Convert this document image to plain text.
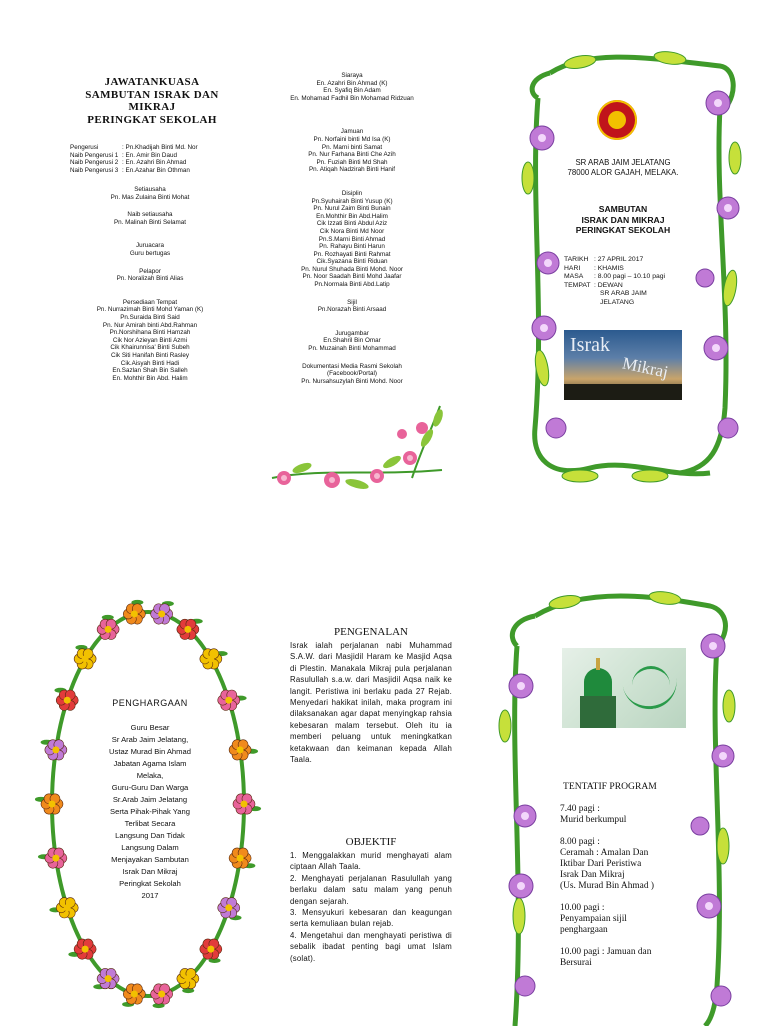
JAWATANKUASA
SAMBUTAN ISRAK DAN
MIKRAJ
PERINGKAT SEKOLAH
Pengerusi	: Pn.Khadijah Binti Md. Nor
Naib Pengerusi 1 : En. Amir Bin Daud
Naib Pengerusi 2 : En. Azahri Bin Ahmad
Naib Pengerusi 3 : En.Azahar Bin Othman
Setiausaha
Pn. Mas Zulaina Binti Mohat
Naib setiausaha
Pn. Malinah Binti Selamat
Juruacara
Guru bertugas
Pelapor
Pn. Noralizah Binti Alias
Persediaan Tempat
Pn. Nurrazimah Binti Mohd Yaman (K)
Pn.Suraida Binti Said
Pn. Nur Amirah binti Abd.Rahman
Pn.Norshihana Binti Hamzah
Cik Nor Azieyan Binti Azmi
Cik Khairunnisa' Binti Subeh
Cik Siti Hanifah Binti Rasley
Cik.Aisyah Binti Hadi
En.Sazlan Shah Bin Salleh
En. Mohthir Bin Abd. Halim
Siaraya
En. Azahri Bin Ahmad (K)
En. Syafiq Bin Adam
En. Mohamad Fadhil Bin Mohamad Ridzuan
Jamuan
Pn. Norfaini binti Md Isa (K)
Pn. Marni binti Samat
Pn. Nur Farhana Binti Che Azih
Pn. Fuziah Binti Md Shah
Pn. Atiqah Nadzirah Binti Hanif
Disiplin
Pn.Syuhairah Binti Yusup (K)
Pn. Nurul Zaim Binti Bunain
En.Mohthir Bin Abd.Halim
Cik Izzati Binti Abdul Aziz
Cik Nora Binti Md Noor
Pn.S.Marni Binti Ahmad
Pn. Rahayu Binti Harun
Pn. Rozhayati Binti Rahmat
Cik.Syazana Binti Riduan
Pn. Nurul Shuhada Binti Mohd. Noor
Pn. Noor Saadah Binti Mohd Jaafar
Pn.Normala Binti Abd.Latip
Sijil
Pn.Norazah Binti Arsaad
Jurugambar
En.Shahril Bin Omar
Pn. Muzainah Binti Mohammad
Dokumentasi Media Rasmi Sekolah
(Facebook/Portal)
Pn. Nursahsuzylah Binti Mohd. Noor
SR ARAB JAIM JELATANG
78000 ALOR GAJAH, MELAKA.
SAMBUTAN
ISRAK DAN MIKRAJ
PERINGKAT SEKOLAH
TARIKH : 27 APRIL 2017
HARI : KHAMIS
MASA : 8.00 pagi – 10.10 pagi
TEMPAT : DEWAN
SR ARAB JAIM
JELATANG
Israk
Mikraj
PENGHARGAAN
Guru Besar
Sr Arab Jaim Jelatang,
Ustaz Murad Bin Ahmad
Jabatan Agama Islam
Melaka,
Guru-Guru Dan Warga
Sr.Arab Jaim Jelatang
Serta Pihak-Pihak Yang
Terlibat Secara
Langsung Dan Tidak
Langsung Dalam
Menjayakan Sambutan
Israk Dan Mikraj
Peringkat Sekolah
2017
PENGENALAN
Israk ialah perjalanan nabi Muhammad S.A.W. dari Masjidil Haram ke Masjid Aqsa di Plestin. Manakala Mikraj pula perjalanan Rasulullah s.a.w. dari Masjidil Aqsa naik ke langit. Peristiwa ini berlaku pada 27 Rejab. Menyedari hakikat inilah, maka program ini dilaksanakan agar dapat menyingkap rahsia kebesaran malam tersebut. Oleh itu ia memberi peluang untuk meningkatkan ketakwaan dan keimanan kepada Allah Taala.
OBJEKTIF
1. Menggalakkan murid menghayati alam ciptaan Allah Taala.
2. Menghayati perjalanan Rasulullah yang berlaku dalam satu malam yang penuh dengan sejarah.
3. Mensyukuri kebesaran dan keagungan serta kemuliaan bulan rejab.
4. Mengetahui dan menghayati peristiwa di sebalik ibadat penting bagi umat Islam (solat).
TENTATIF PROGRAM
7.40 pagi :
Murid berkumpul
8.00 pagi :
Ceramah : Amalan Dan
Iktibar Dari Peristiwa
Israk Dan Mikraj
(Us. Murad Bin Ahmad )
10.00 pagi :
Penyampaian sijil
penghargaan
10.00 pagi : Jamuan dan
Bersurai
